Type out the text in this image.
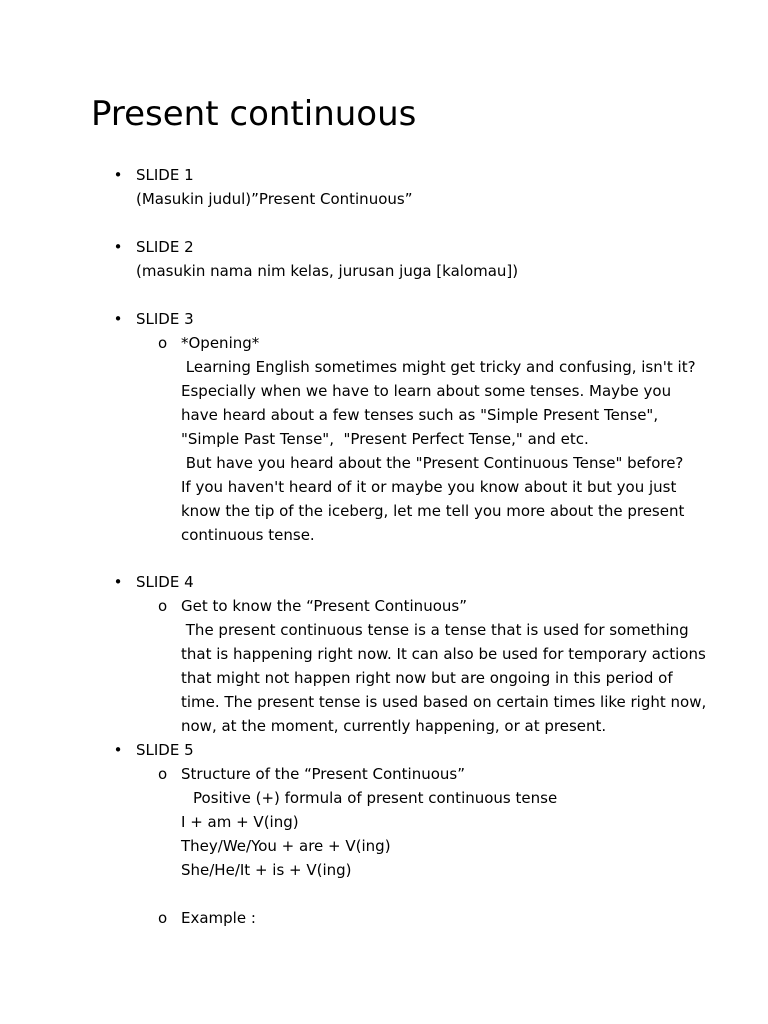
Present continuous
• SLIDE 1
(Masukin judul)”Present Continuous”
• SLIDE 2
(masukin nama nim kelas, jurusan juga [kalomau])
• SLIDE 3
o *Opening*
Learning English sometimes might get tricky and confusing, isn't it?
Especially when we have to learn about some tenses. Maybe you
have heard about a few tenses such as "Simple Present Tense",
"Simple Past Tense",  "Present Perfect Tense," and etc.
But have you heard about the "Present Continuous Tense" before?
If you haven't heard of it or maybe you know about it but you just
know the tip of the iceberg, let me tell you more about the present
continuous tense.
• SLIDE 4
o Get to know the “Present Continuous”
The present continuous tense is a tense that is used for something
that is happening right now. It can also be used for temporary actions
that might not happen right now but are ongoing in this period of
time. The present tense is used based on certain times like right now,
now, at the moment, currently happening, or at present.
• SLIDE 5
o Structure of the “Present Continuous”
Positive (+) formula of present continuous tense
I + am + V(ing)
They/We/You + are + V(ing)
She/He/It + is + V(ing)
o Example :
